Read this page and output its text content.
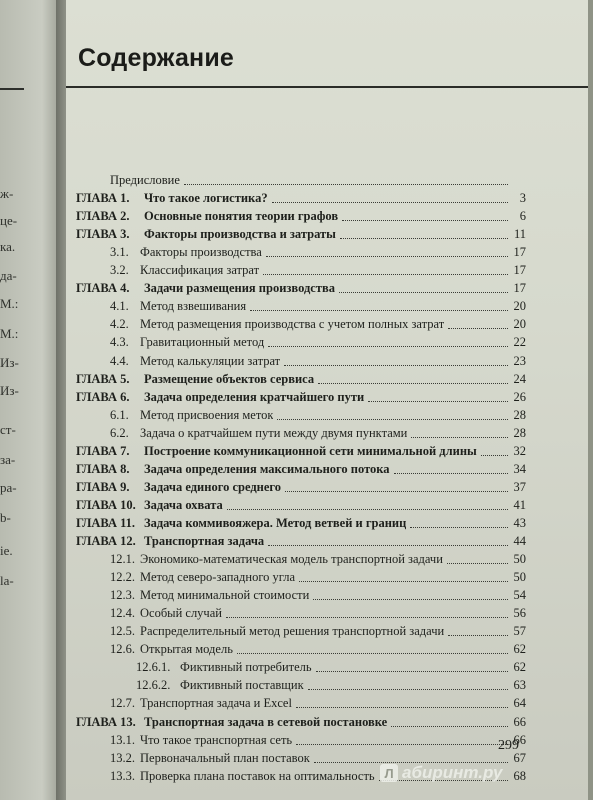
ж-
це-
ка.
да-
M.:
M.:
Из-
Из-
ст-
за-
ра-
b-
ie.
la-
Содержание
Предисловие
ГЛАВА 1.	Что такое логистика?	3
ГЛАВА 2.	Основные понятия теории графов	6
ГЛАВА 3.	Факторы производства и затраты	11
3.1. Факторы производства	17
3.2. Классификация затрат	17
ГЛАВА 4.	Задачи размещения производства	17
4.1. Метод взвешивания	20
4.2. Метод размещения производства с учетом полных затрат	20
4.3. Гравитационный метод	22
4.4. Метод калькуляции затрат	23
ГЛАВА 5.	Размещение объектов сервиса	24
ГЛАВА 6.	Задача определения кратчайшего пути	26
6.1. Метод присвоения меток	28
6.2. Задача о кратчайшем пути между двумя пунктами	28
ГЛАВА 7.	Построение коммуникационной сети минимальной длины	32
ГЛАВА 8.	Задача определения максимального потока	34
ГЛАВА 9.	Задача единого среднего	37
ГЛАВА 10. Задача охвата	41
ГЛАВА 11. Задача коммивояжера. Метод ветвей и границ	43
ГЛАВА 12. Транспортная задача	44
12.1. Экономико-математическая модель транспортной задачи	50
12.2. Метод северо-западного угла	50
12.3. Метод минимальной стоимости	54
12.4. Особый случай	56
12.5. Распределительный метод решения транспортной задачи	57
12.6. Открытая модель	62
12.6.1. Фиктивный потребитель	62
12.6.2. Фиктивный поставщик	63
12.7. Транспортная задача и Excel	64
ГЛАВА 13. Транспортная задача в сетевой постановке	66
13.1. Что такое транспортная сеть	66
13.2. Первоначальный план поставок	67
13.3. Проверка плана поставок на оптимальность	68
299
Л абиринт.ру
